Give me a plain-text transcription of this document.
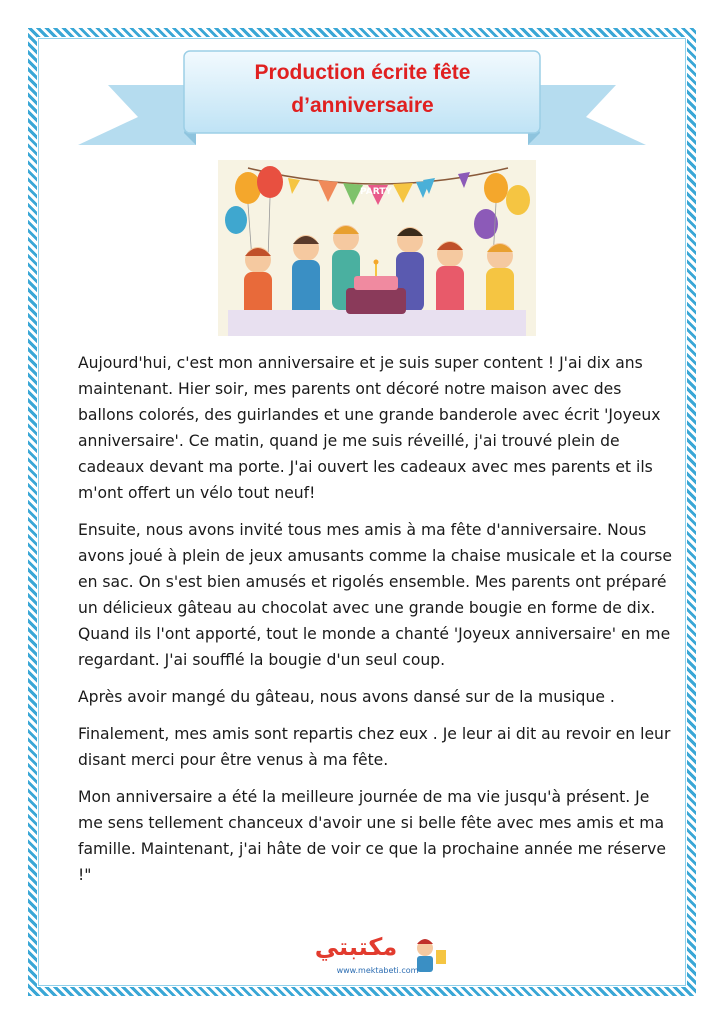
Production écrite fête
d’anniversaire
PARTY

Aujourd'hui, c'est mon anniversaire et je suis super content ! J'ai dix ans maintenant. Hier soir, mes parents ont décoré notre maison avec des ballons colorés, des guirlandes et une grande banderole avec écrit 'Joyeux anniversaire'. Ce matin, quand je me suis réveillé, j'ai trouvé plein de cadeaux devant ma porte. J'ai ouvert les cadeaux avec mes parents et ils m'ont offert un vélo tout neuf!

Ensuite, nous avons invité tous mes amis à ma fête d'anniversaire. Nous avons joué à plein de jeux amusants comme la chaise musicale et la course en sac. On s'est bien amusés et rigolés ensemble. Mes parents ont préparé un délicieux gâteau au chocolat avec une grande bougie en forme de dix. Quand ils l'ont apporté, tout le monde a chanté 'Joyeux anniversaire' en me regardant. J'ai soufflé la bougie d'un seul coup.

Après avoir mangé du gâteau, nous avons dansé sur de la musique .

Finalement, mes amis sont repartis chez eux . Je leur ai dit au revoir en leur disant merci pour être venus à ma fête.

Mon anniversaire a été la meilleure journée de ma vie jusqu'à présent. Je me sens tellement chanceux d'avoir une si belle fête avec mes amis et ma famille. Maintenant, j'ai hâte de voir ce que la prochaine année me réserve !"

مكتبتي
www.mektabeti.com
